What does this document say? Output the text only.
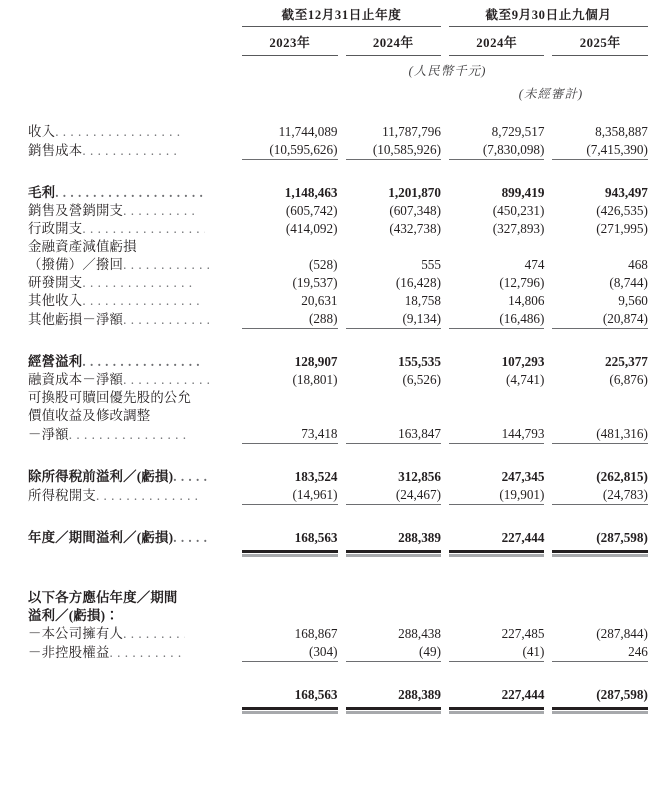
		截至12月31日止年度				截至9月30日止九個月			
		2023年		2024年		2024年		2025年	
		(人民幣千元)							
						(未經審計)			

收入. . .		11,744,089		11,787,796		8,729,517		8,358,887	
銷售成本. . .		(10,595,626)		(10,585,926)		(7,830,098)		(7,415,390)	

毛利. . .		1,148,463		1,201,870		899,419		943,497	
銷售及營銷開支. . .		(605,742)		(607,348)		(450,231)		(426,535)	
行政開支. . .		(414,092)		(432,738)		(327,893)		(271,995)	
金融資產減值虧損									
（撥備）／撥回. . .		(528)		555		474		468	
研發開支. . .		(19,537)		(16,428)		(12,796)		(8,744)	
其他收入. . .		20,631		18,758		14,806		9,560	
其他虧損－淨額. . .		(288)		(9,134)		(16,486)		(20,874)	

經營溢利. . .		128,907		155,535		107,293		225,377	
融資成本－淨額. . .		(18,801)		(6,526)		(4,741)		(6,876)	
可換股可贖回優先股的公允									
價值收益及修改調整									
－淨額. . .		73,418		163,847		144,793		(481,316)	

除所得稅前溢利／(虧損). . .		183,524		312,856		247,345		(262,815)	
所得稅開支. . .		(14,961)		(24,467)		(19,901)		(24,783)	

年度／期間溢利／(虧損). . .		168,563		288,389		227,444		(287,598)	

以下各方應佔年度／期間									
溢利／(虧損)：									
－本公司擁有人. . .		168,867		288,438		227,485		(287,844)	
－非控股權益. . .		(304)		(49)		(41)		246	

		168,563		288,389		227,444		(287,598)	
